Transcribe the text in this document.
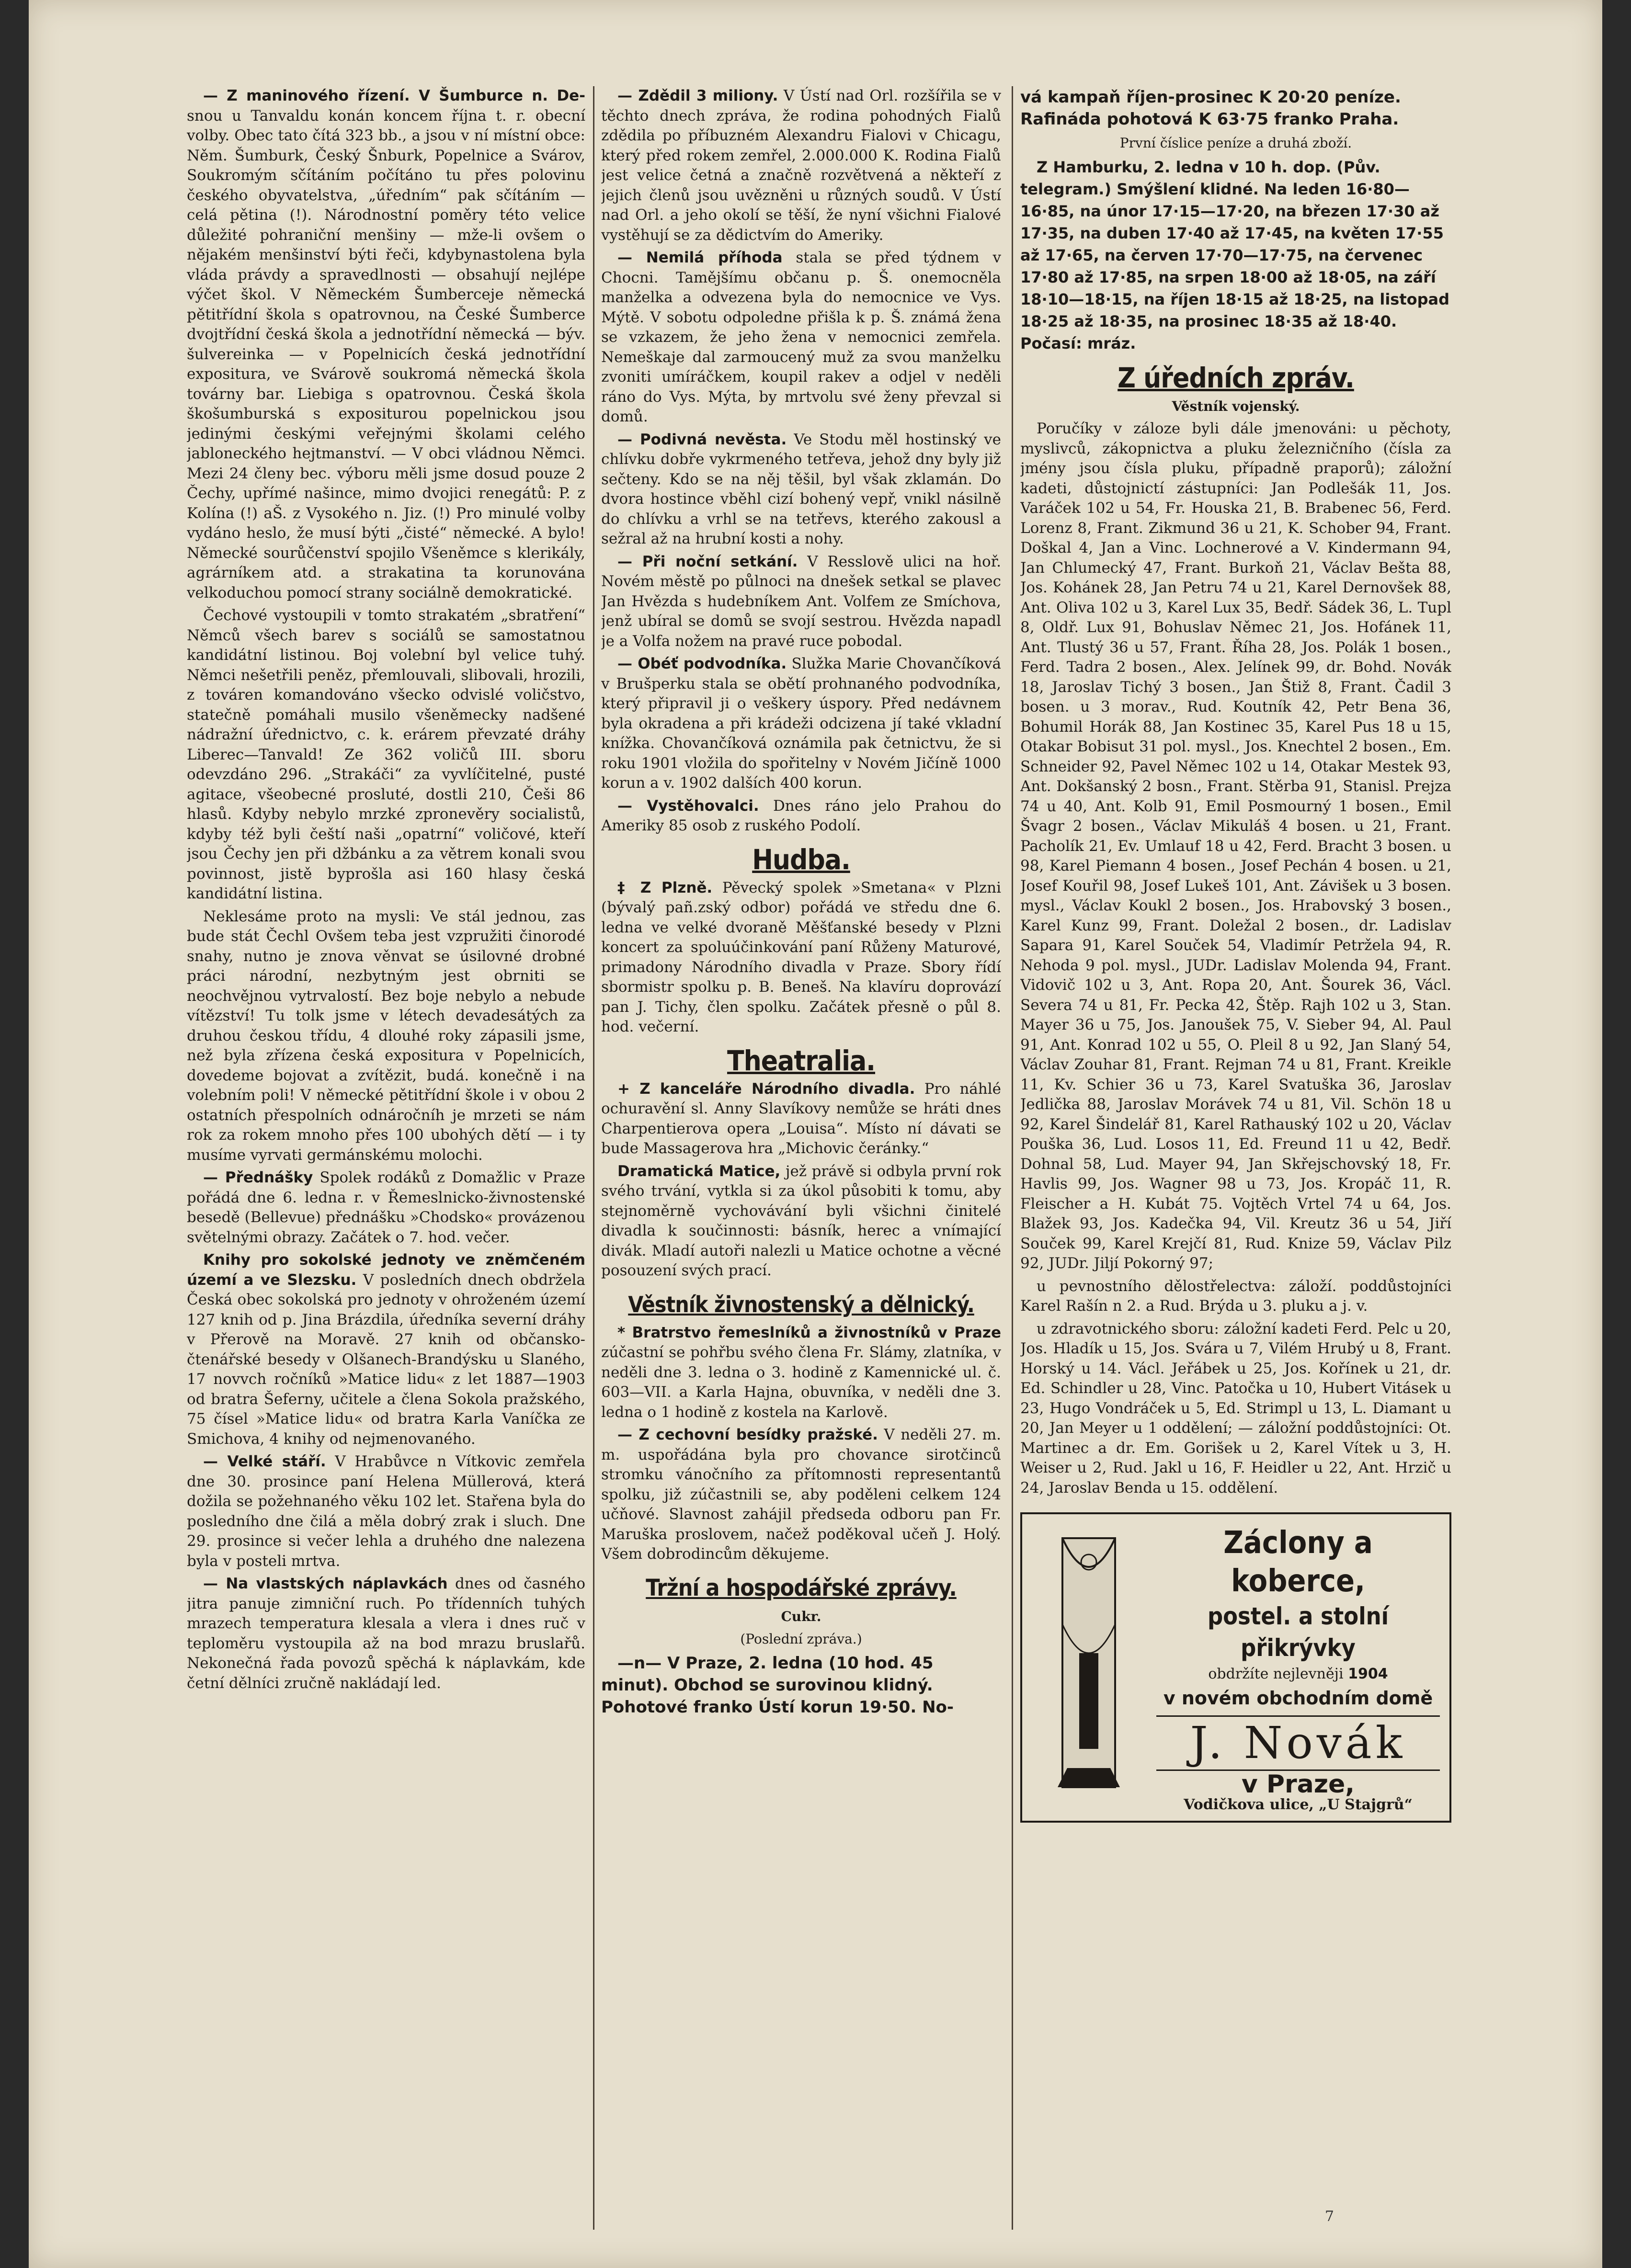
— Z maninového řízení. V Šumburce n. De- snou u Tanvaldu konán koncem října t. r. obecní volby. Obec tato čítá 323 bb., a jsou v ní místní obce: Něm. Šumburk, Český Šnburk, Popelnice a Svárov, Soukromým sčítáním počítáno tu přes polovinu českého obyvatelstva, „úředním“ pak sčítáním — celá pětina (!). Národnostní poměry této velice důležité pohraniční menšiny — mže-li ovšem o nějakém menšinství býti řeči, kdybynastolena byla vláda právdy a spravedlnosti — obsahují nejlépe výčet škol. V Německém Šumberceje německá pětitřídní škola s opatrovnou, na České Šumberce dvojtřídní česká škola a jednotřídní německá — býv. šulvereinka — v Popelnicích česká jednotřídní expositura, ve Svárově soukromá německá škola továrny bar. Liebiga s opatrovnou. Česká škola škošumburská s expositurou popelnickou jsou jedinými českými veřejnými školami celého jabloneckého hejtmanství. — V obci vládnou Němci. Mezi 24 členy bec. výboru měli jsme dosud pouze 2 Čechy, upřímé našince, mimo dvojici renegátů: P. z Kolína (!) aŠ. z Vysokého n. Jiz. (!) Pro minulé volby vydáno heslo, že musí býti „čisté“ německé. A bylo! Německé sourůčenství spojilo Všeněmce s klerikály, agrárníkem atd. a strakatina ta korunována velkoduchou pomocí strany sociálně demokratické.

Čechové vystoupili v tomto strakatém „sbratření“ Němců všech barev s sociálů se samostatnou kandidátní listinou. Boj volební byl velice tuhý. Němci nešetřili peněz, přemlouvali, slibovali, hrozili, z továren komandováno všecko odvislé voličstvo, statečně pomáhali musilo všeněmecky nadšené nádražní úřednictvo, c. k. erárem převzaté dráhy Liberec—Tanvald! Ze 362 voličů III. sboru odevzdáno 296. „Strakáči“ za vyvlíčitelné, pusté agitace, všeobecné prosluté, dostli 210, Češi 86 hlasů. Kdyby nebylo mrzké zpronevěry socialistů, kdyby též byli čeští naši „opatrní“ voličové, kteří jsou Čechy jen při džbánku a za větrem konali svou povinnost, jistě byprošla asi 160 hlasy česká kandidátní listina.

Neklesáme proto na mysli: Ve stál jednou, zas bude stát Čechl Ovšem teba jest vzpružiti činorodé snahy, nutno je znova věnvat se úsilovné drobné práci národní, nezbytným jest obrniti se neochvějnou vytrvalostí. Bez boje nebylo a nebude vítězství! Tu tolk jsme v létech devadesátých za druhou českou třídu, 4 dlouhé roky zápasili jsme, než byla zřízena česká expositura v Popelnicích, dovedeme bojovat a zvítězit, budá. konečně i na volebním poli! V německé pětitřídní škole i v obou 2 ostatních přespolních odnáročníh je mrzeti se nám rok za rokem mnoho přes 100 ubohých dětí — i ty musíme vyrvati germánskému molochi.

— Přednášky Spolek rodáků z Domažlic v Praze pořádá dne 6. ledna r. v Řemeslnicko-živnostenské besedě (Bellevue) přednášku »Chodsko« provázenou světelnými obrazy. Začátek o 7. hod. večer.

Knihy pro sokolské jednoty ve zněmčeném území a ve Slezsku. V posledních dnech obdržela Česká obec sokolská pro jednoty v ohroženém území 127 knih od p. Jina Brázdila, úředníka severní dráhy v Přerově na Moravě. 27 knih od občansko-čtenářské besedy v Olšanech-Brandýsku u Slaného, 17 novvch ročníků »Matice lidu« z let 1887—1903 od bratra Šeferny, učitele a člena Sokola pražského, 75 čísel »Matice lidu« od bratra Karla Vaníčka ze Smichova, 4 knihy od nejmenovaného.

— Velké stáří. V Hrabůvce n Vítkovic zemřela dne 30. prosince paní Helena Müllerová, která dožila se požehnaného věku 102 let. Stařena byla do posledního dne čilá a měla dobrý zrak i sluch. Dne 29. prosince si večer lehla a druhého dne nalezena byla v posteli mrtva.

— Na vlastských náplavkách dnes od časného jitra panuje zimniční ruch. Po třídenních tuhých mrazech temperatura klesala a vlera i dnes ruč v teploměru vystoupila až na bod mrazu bruslařů. Nekonečná řada povozů spěchá k náplavkám, kde četní dělníci zručně nakládají led.

— Zdědil 3 miliony. V Ústí nad Orl. rozšířila se v těchto dnech zpráva, že rodina pohodných Fialů zdědila po příbuzném Alexandru Fialovi v Chicagu, který před rokem zemřel, 2.000.000 K. Rodina Fialů jest velice četná a značně rozvětvená a někteří z jejich členů jsou uvězněni u různých soudů. V Ústí nad Orl. a jeho okolí se těší, že nyní všichni Fialové vystěhují se za dědictvím do Ameriky.

— Nemilá příhoda stala se před týdnem v Chocni. Tamějšímu občanu p. Š. onemocněla manželka a odvezena byla do nemocnice ve Vys. Mýtě. V sobotu odpoledne přišla k p. Š. známá žena se vzkazem, že jeho žena v nemocnici zemřela. Nemeškaje dal zarmoucený muž za svou manželku zvoniti umíráčkem, koupil rakev a odjel v neděli ráno do Vys. Mýta, by mrtvolu své ženy převzal si domů.

— Podivná nevěsta. Ve Stodu měl hostinský ve chlívku dobře vykrmeného tetřeva, jehož dny byly již sečteny. Kdo se na něj těšil, byl však zklamán. Do dvora hostince vběhl cizí bohený vepř, vnikl násilně do chlívku a vrhl se na tetřevs, kterého zakousl a sežral až na hrubní kosti a nohy.

— Při noční setkání. V Resslově ulici na hoř. Novém městě po půlnoci na dnešek setkal se plavec Jan Hvězda s hudebníkem Ant. Volfem ze Smíchova, jenž ubíral se domů se svojí sestrou. Hvězda napadl je a Volfa nožem na pravé ruce pobodal.

— Obéť podvodníka. Služka Marie Chovančíková v Brušperku stala se obětí prohnaného podvodníka, který připravil ji o veškery úspory. Před nedávnem byla okradena a při krádeži odcizena jí také vkladní knížka. Chovančíková oznámila pak četnictvu, že si roku 1901 vložila do spořitelny v Novém Jičíně 1000 korun a v. 1902 dalších 400 korun.

— Vystěhovalci. Dnes ráno jelo Prahou do Ameriky 85 osob z ruského Podolí.

Hudba.

‡ Z Plzně. Pěvecký spolek »Smetana« v Plzni (bývalý pañ.zský odbor) pořádá ve středu dne 6. ledna ve velké dvoraně Měšťanské besedy v Plzni koncert za spoluúčinkování paní Růženy Maturové, primadony Národního divadla v Praze. Sbory řídí sbormistr spolku p. B. Beneš. Na klavíru doprovází pan J. Tichy, člen spolku. Začátek přesně o půl 8. hod. večerní.

Theatralia.

+ Z kanceláře Národního divadla. Pro náhlé ochuravění sl. Anny Slavíkovy nemůže se hráti dnes Charpentierova opera „Louisa“. Místo ní dávati se bude Massagerova hra „Michovic čeránky.“

Dramatická Matice, jež právě si odbyla první rok svého trvání, vytkla si za úkol působiti k tomu, aby stejnoměrně vychovávání byli všichni činitelé divadla k součinnosti: básník, herec a vnímající divák. Mladí autoři nalezli u Matice ochotne a věcné posouzení svých prací.

Věstník živnostenský a dělnický.

* Bratrstvo řemeslníků a živnostníků v Praze zúčastní se pohřbu svého člena Fr. Slámy, zlatníka, v neděli dne 3. ledna o 3. hodině z Kamennické ul. č. 603—VII. a Karla Hajna, obuvníka, v neděli dne 3. ledna o 1 hodině z kostela na Karlově.

— Z cechovní besídky pražské. V neděli 27. m. m. uspořádána byla pro chovance sirotčinců stromku vánočního za přítomnosti representantů spolku, již zúčastnili se, aby poděleni celkem 124 učňové. Slavnost zahájil předseda odboru pan Fr. Maruška proslovem, načež poděkoval učeň J. Holý. Všem dobrodincům děkujeme.

Tržní a hospodářské zprávy.
Cukr.
(Poslední zpráva.)

—n— V Praze, 2. ledna (10 hod. 45 minut). Obchod se surovinou klidný. Pohotové franko Ústí korun 19·50. No-

vá kampaň říjen-prosinec K 20·20 peníze. Rafináda pohotová K 63·75 franko Praha.

První číslice peníze a druhá zboží.

Z Hamburku, 2. ledna v 10 h. dop. (Pův. telegram.) Smýšlení klidné. Na leden 16·80—16·85, na únor 17·15—17·20, na březen 17·30 až 17·35, na duben 17·40 až 17·45, na květen 17·55 až 17·65, na červen 17·70—17·75, na červenec 17·80 až 17·85, na srpen 18·00 až 18·05, na září 18·10—18·15, na říjen 18·15 až 18·25, na listopad 18·25 až 18·35, na prosinec 18·35 až 18·40. Počasí: mráz.

Z úředních zpráv.
Věstník vojenský.

Poručíky v záloze byli dále jmenováni: u pěchoty, myslivců, zákopnictva a pluku železničního (čísla za jmény jsou čísla pluku, případně praporů); záložní kadeti, důstojnictí zástupníci: Jan Podlešák 11, Jos. Varáček 102 u 54, Fr. Houska 21, B. Brabenec 56, Ferd. Lorenz 8, Frant. Zikmund 36 u 21, K. Schober 94, Frant. Doškal 4, Jan a Vinc. Lochnerové a V. Kindermann 94, Jan Chlumecký 47, Frant. Burkoň 21, Václav Bešta 88, Jos. Kohánek 28, Jan Petru 74 u 21, Karel Dernovšek 88, Ant. Oliva 102 u 3, Karel Lux 35, Bedř. Sádek 36, L. Tupl 8, Oldř. Lux 91, Bohuslav Němec 21, Jos. Hofánek 11, Ant. Tlustý 36 u 57, Frant. Říha 28, Jos. Polák 1 bosen., Ferd. Tadra 2 bosen., Alex. Jelínek 99, dr. Bohd. Novák 18, Jaroslav Tichý 3 bosen., Jan Štiž 8, Frant. Čadil 3 bosen. u 3 morav., Rud. Koutník 42, Petr Bena 36, Bohumil Horák 88, Jan Kostinec 35, Karel Pus 18 u 15, Otakar Bobisut 31 pol. mysl., Jos. Knechtel 2 bosen., Em. Schneider 92, Pavel Němec 102 u 14, Otakar Mestek 93, Ant. Dokšanský 2 bosn., Frant. Stěrba 91, Stanisl. Prejza 74 u 40, Ant. Kolb 91, Emil Posmourný 1 bosen., Emil Švagr 2 bosen., Václav Mikuláš 4 bosen. u 21, Frant. Pacholík 21, Ev. Umlauf 18 u 42, Ferd. Bracht 3 bosen. u 98, Karel Piemann 4 bosen., Josef Pechán 4 bosen. u 21, Josef Kouřil 98, Josef Lukeš 101, Ant. Závišek u 3 bosen. mysl., Václav Koukl 2 bosen., Jos. Hrabovský 3 bosen., Karel Kunz 99, Frant. Doležal 2 bosen., dr. Ladislav Sapara 91, Karel Souček 54, Vladimír Petržela 94, R. Nehoda 9 pol. mysl., JUDr. Ladislav Molenda 94, Frant. Vidovič 102 u 3, Ant. Ropa 20, Ant. Šourek 36, Václ. Severa 74 u 81, Fr. Pecka 42, Štěp. Rajh 102 u 3, Stan. Mayer 36 u 75, Jos. Janoušek 75, V. Sieber 94, Al. Paul 91, Ant. Konrad 102 u 55, O. Pleil 8 u 92, Jan Slaný 54, Václav Zouhar 81, Frant. Rejman 74 u 81, Frant. Kreikle 11, Kv. Schier 36 u 73, Karel Svatuška 36, Jaroslav Jedlička 88, Jaroslav Morávek 74 u 81, Vil. Schön 18 u 92, Karel Šindelář 81, Karel Rathauský 102 u 20, Václav Pouška 36, Lud. Losos 11, Ed. Freund 11 u 42, Bedř. Dohnal 58, Lud. Mayer 94, Jan Skřejschovský 18, Fr. Havlis 99, Jos. Wagner 98 u 73, Jos. Kropáč 11, R. Fleischer a H. Kubát 75. Vojtěch Vrtel 74 u 64, Jos. Blažek 93, Jos. Kadečka 94, Vil. Kreutz 36 u 54, Jiří Souček 99, Karel Krejčí 81, Rud. Knize 59, Václav Pilz 92, JUDr. Jiljí Pokorný 97;

u pevnostního dělostřelectva: záloží. poddůstojníci Karel Rašín n 2. a Rud. Brýda u 3. pluku a j. v.

u zdravotnického sboru: záložní kadeti Ferd. Pelc u 20, Jos. Hladík u 15, Jos. Svára u 7, Vilém Hrubý u 8, Frant. Horský u 14. Václ. Jeřábek u 25, Jos. Kořínek u 21, dr. Ed. Schindler u 28, Vinc. Patočka u 10, Hubert Vitásek u 23, Hugo Vondráček u 5, Ed. Strimpl u 13, L. Diamant u 20, Jan Meyer u 1 oddělení; — záložní poddůstojníci: Ot. Martinec a dr. Em. Gorišek u 2, Karel Vítek u 3, H. Weiser u 2, Rud. Jakl u 16, F. Heidler u 22, Ant. Hrzič u 24, Jaroslav Benda u 15. oddělení.

Záclony a koberce,
postel. a stolní přikrývky
obdržíte nejlevněji 1904
v novém obchodním domě
J. Novák
v Praze,
Vodičkova ulice, „U Stajgrů“
7
